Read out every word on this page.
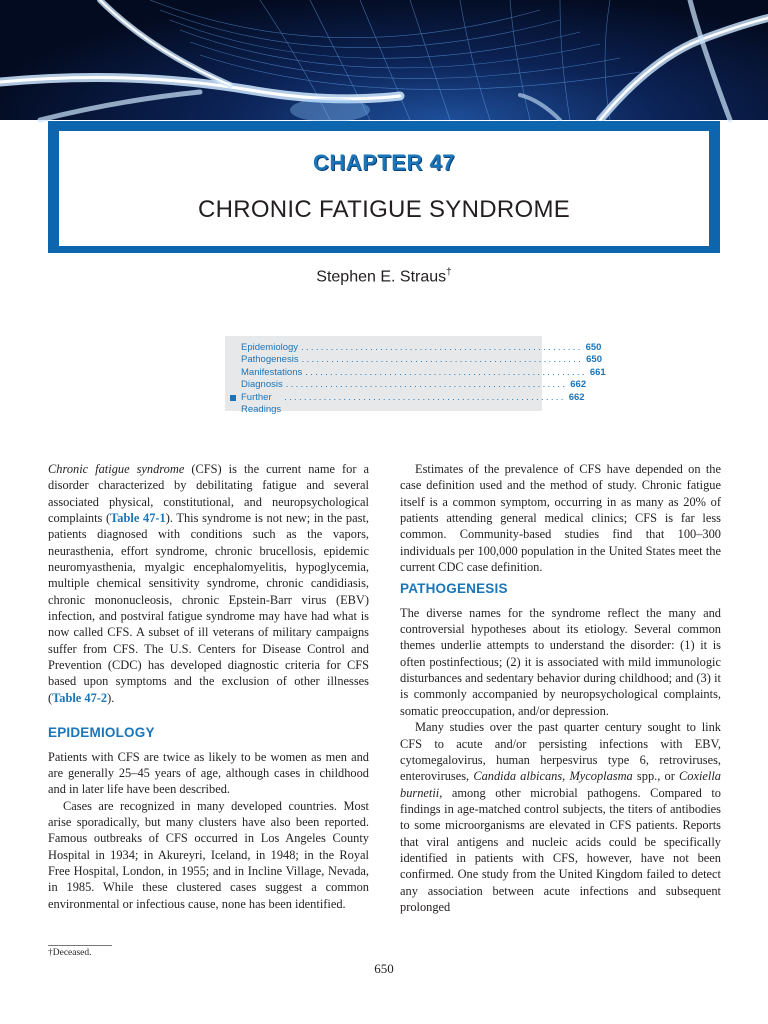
CHAPTER 47
CHRONIC FATIGUE SYNDROME
Stephen E. Straus†
Epidemiology ......................................................... 650
Pathogenesis ......................................................... 650
Manifestations ......................................................... 661
Diagnosis ......................................................... 662
Further Readings
......................................................... 662

Chronic fatigue syndrome (CFS) is the current name for a disorder characterized by debilitating fatigue and several associated physical, constitutional, and neuropsychological complaints (Table 47-1). This syndrome is not new; in the past, patients diagnosed with conditions such as the vapors, neurasthenia, effort syndrome, chronic brucellosis, epidemic neuromyasthenia, myalgic encephalomyelitis, hypoglycemia, multiple chemical sensitivity syndrome, chronic candidiasis, chronic mononucleosis, chronic Epstein-Barr virus (EBV) infection, and postviral fatigue syndrome may have had what is now called CFS. A subset of ill veterans of military campaigns suffer from CFS. The U.S. Centers for Disease Control and Prevention (CDC) has developed diagnostic criteria for CFS based upon symptoms and the exclusion of other illnesses (Table 47-2).

EPIDEMIOLOGY

Patients with CFS are twice as likely to be women as men and are generally 25–45 years of age, although cases in childhood and in later life have been described.

Cases are recognized in many developed countries. Most arise sporadically, but many clusters have also been reported. Famous outbreaks of CFS occurred in Los Angeles County Hospital in 1934; in Akureyri, Iceland, in 1948; in the Royal Free Hospital, London, in 1955; and in Incline Village, Nevada, in 1985. While these clustered cases suggest a common environmental or infectious cause, none has been identified.

Estimates of the prevalence of CFS have depended on the case definition used and the method of study. Chronic fatigue itself is a common symptom, occurring in as many as 20% of patients attending general medical clinics; CFS is far less common. Community-based studies find that 100–300 individuals per 100,000 population in the United States meet the current CDC case definition.

PATHOGENESIS

The diverse names for the syndrome reflect the many and controversial hypotheses about its etiology. Several common themes underlie attempts to understand the disorder: (1) it is often postinfectious; (2) it is associated with mild immunologic disturbances and sedentary behavior during childhood; and (3) it is commonly accompanied by neuropsychological complaints, somatic preoccupation, and/or depression.

Many studies over the past quarter century sought to link CFS to acute and/or persisting infections with EBV, cytomegalovirus, human herpesvirus type 6, retroviruses, enteroviruses, Candida albicans, Mycoplasma spp., or Coxiella burnetii, among other microbial pathogens. Compared to findings in age-matched control subjects, the titers of antibodies to some microorganisms are elevated in CFS patients. Reports that viral antigens and nucleic acids could be specifically identified in patients with CFS, however, have not been confirmed. One study from the United Kingdom failed to detect any association between acute infections and subsequent prolonged

†Deceased.
650
